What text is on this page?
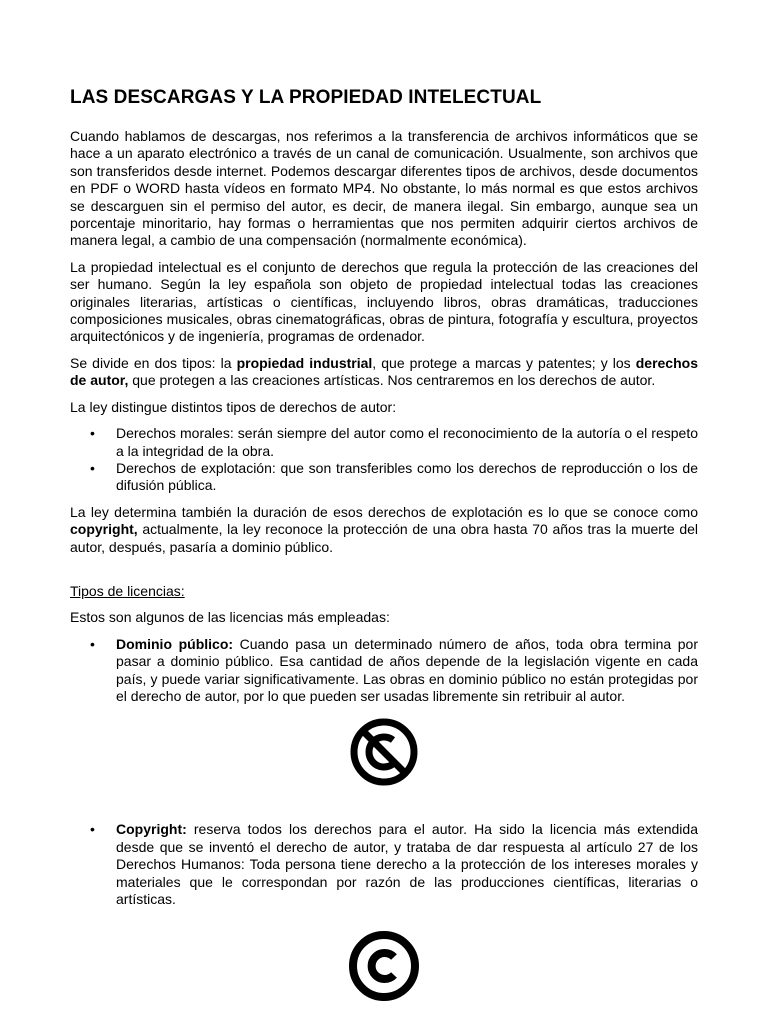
LAS DESCARGAS Y LA PROPIEDAD INTELECTUAL

Cuando hablamos de descargas, nos referimos a la transferencia de archivos informáticos que se hace a un aparato electrónico a través de un canal de comunicación. Usualmente, son archivos que son transferidos desde internet. Podemos descargar diferentes tipos de archivos, desde documentos en PDF o WORD hasta vídeos en formato MP4. No obstante, lo más normal es que estos archivos se descarguen sin el permiso del autor, es decir, de manera ilegal. Sin embargo, aunque sea un porcentaje minoritario, hay formas o herramientas que nos permiten adquirir ciertos archivos de manera legal, a cambio de una compensación (normalmente económica).

La propiedad intelectual es el conjunto de derechos que regula la protección de las creaciones del ser humano. Según la ley española son objeto de propiedad intelectual todas las creaciones originales literarias, artísticas o científicas, incluyendo libros, obras dramáticas, traducciones composiciones musicales, obras cinematográficas, obras de pintura, fotografía y escultura, proyectos arquitectónicos y de ingeniería, programas de ordenador.

Se divide en dos tipos: la propiedad industrial, que protege a marcas y patentes; y los derechos de autor, que protegen a las creaciones artísticas. Nos centraremos en los derechos de autor.

La ley distingue distintos tipos de derechos de autor:

• Derechos morales: serán siempre del autor como el reconocimiento de la autoría o el respeto a la integridad de la obra.
• Derechos de explotación: que son transferibles como los derechos de reproducción o los de difusión pública.

La ley determina también la duración de esos derechos de explotación es lo que se conoce como copyright, actualmente, la ley reconoce la protección de una obra hasta 70 años tras la muerte del autor, después, pasaría a dominio público.

Tipos de licencias:

Estos son algunos de las licencias más empleadas:

• Dominio público: Cuando pasa un determinado número de años, toda obra termina por pasar a dominio público. Esa cantidad de años depende de la legislación vigente en cada país, y puede variar significativamente. Las obras en dominio público no están protegidas por el derecho de autor, por lo que pueden ser usadas libremente sin retribuir al autor.
• Copyright: reserva todos los derechos para el autor. Ha sido la licencia más extendida desde que se inventó el derecho de autor, y trataba de dar respuesta al artículo 27 de los Derechos Humanos: Toda persona tiene derecho a la protección de los intereses morales y materiales que le correspondan por razón de las producciones científicas, literarias o artísticas.
